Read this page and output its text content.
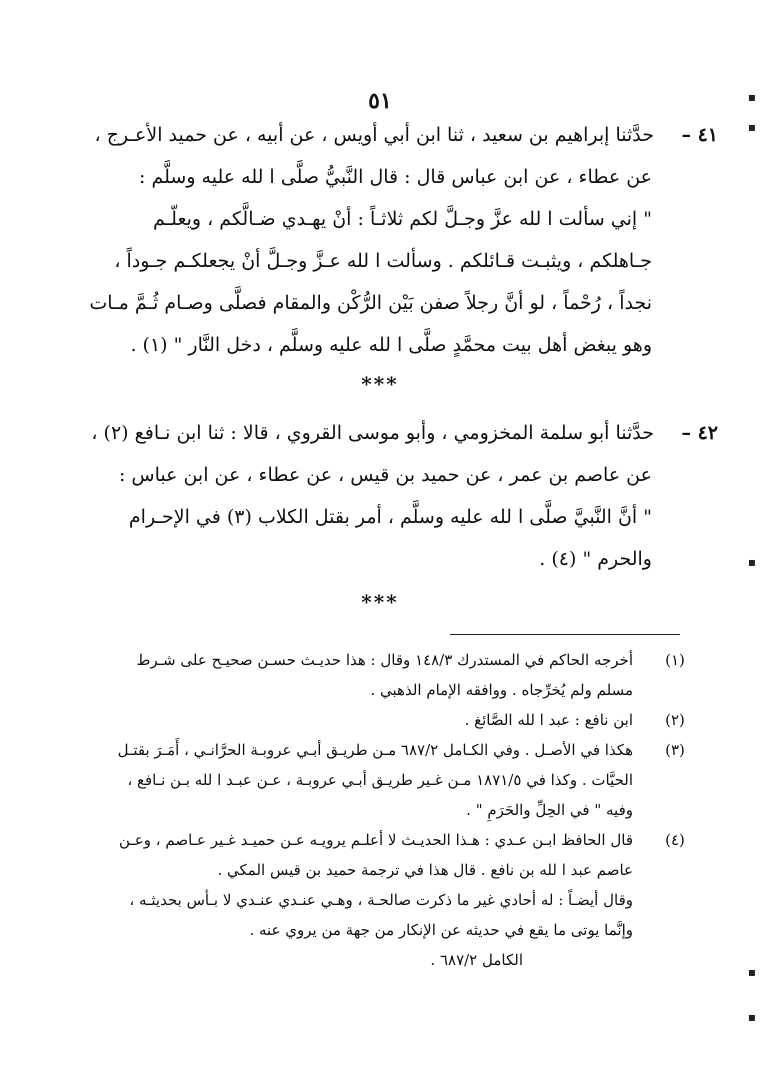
٥١
٤١ –
حدَّثنا إبراهيم بن سعيد ، ثنا ابن أبي أويس ، عن أبيه ، عن حميد الأعـرج ،
عن عطاء ، عن ابن عباس قال : قال النَّبيُّ صلَّى ا لله عليه وسلَّم :
" إني سألت ا لله عزَّ وجـلَّ لكم ثلاثـاً : أنْ يهـدي ضـالَّكم ، ويعلّـم
جـاهلكم ، ويثبـت قـائلكم . وسألت ا لله عـزَّ وجـلَّ أنْ يجعلكـم جـوداً ،
نجداً ، رُحْماً ، لو أنَّ رجلاً صفن بَيْن الرُّكْن والمقام فصلَّى وصـام ثُـمَّ مـات
وهو يبغض أهل بيت محمَّدٍ صلَّى ا لله عليه وسلَّم ، دخل النَّار " (١) .
***
٤٢ –
حدَّثنا أبو سلمة المخزومي ، وأبو موسى القروي ، قالا : ثنا ابن نـافع (٢) ،
عن عاصم بن عمر ، عن حميد بن قيس ، عن عطاء ، عن ابن عباس :
" أنَّ النَّبيَّ صلَّى ا لله عليه وسلَّم ، أمر بقتل الكلاب (٣) في الإحـرام
والحرم " (٤) .
***
(١)
أخرجه الحاكم في المستدرك ١٤٨/٣ وقال : هذا حديـث حسـن صحيـح على شـرط
مسلم ولم يُخرِّجاه . ووافقه الإمام الذهبي .
(٢)
ابن نافع : عبد ا لله الصَّائغ .
(٣)
هكذا في الأصـل . وفي الكـامل ٦٨٧/٢ مـن طريـق أبـي عروبـة الحرَّانـي ، أَمَـرَ بقتـل
الحيَّات . وكذا في ١٨٧١/٥ مـن غـير طريـق أبـي عروبـة ، عـن عبـد ا لله بـن نـافع ،
وفيه " في الحِلِّ والحَرَمِ " .
(٤)
قال الحافظ ابـن عـدي : هـذا الحديـث لا أعلـم يرويـه عـن حميـد غـير عـاصم ، وعـن
عاصم عبد ا لله بن نافع . قال هذا في ترجمة حميد بن قيس المكي .
وقال أيضـاً : له أحادي غير ما ذكرت صالحـة ، وهـي عنـدي عنـدي لا بـأس بحديثـه ،
وإنَّما يوتى ما يقع في حديثه عن الإنكار من جهة من يروي عنه .
الكامل ٦٨٧/٢ .
▪
▪
▪
▪
▪
